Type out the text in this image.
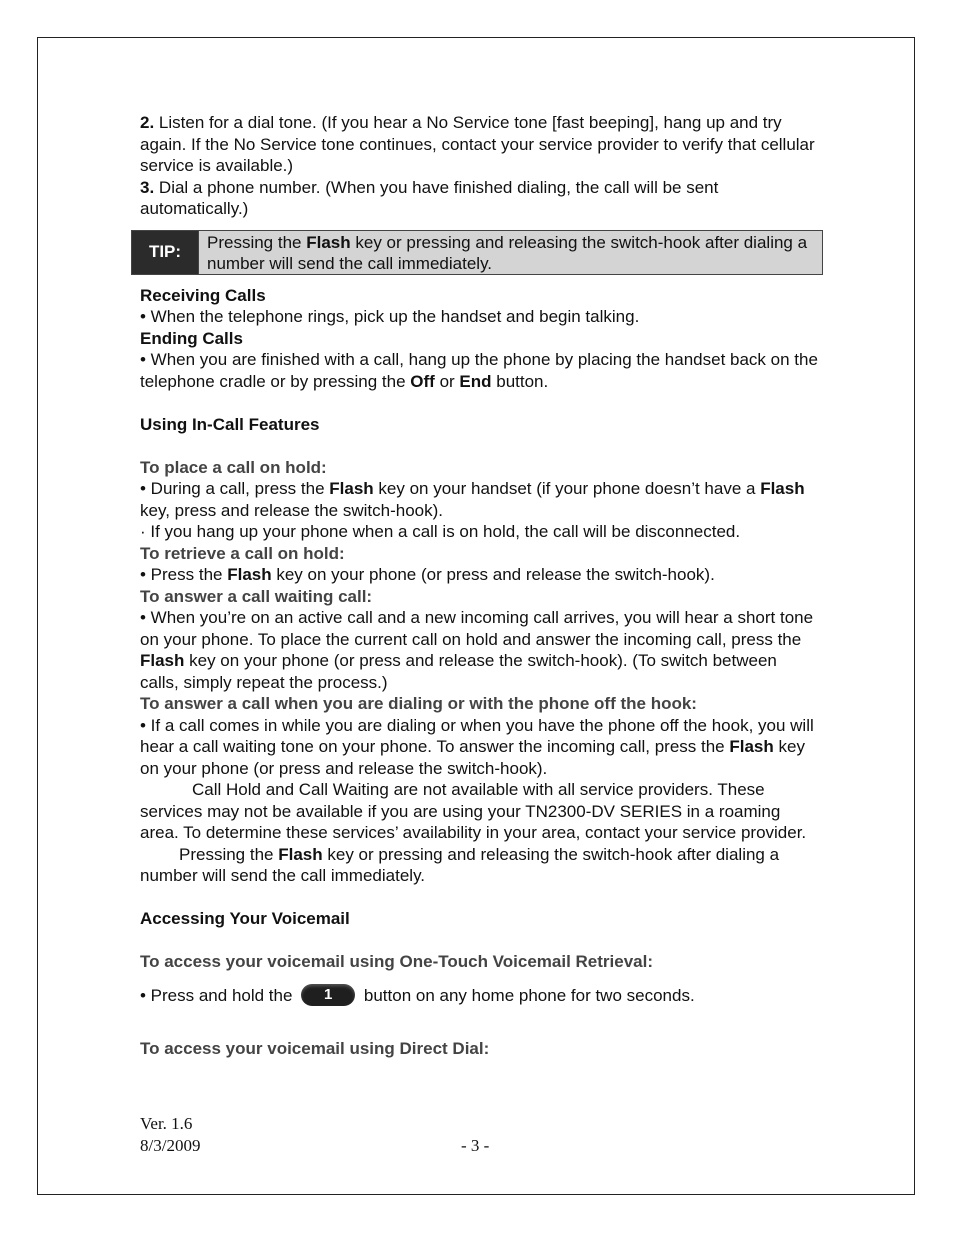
2. Listen for a dial tone. (If you hear a No Service tone [fast beeping], hang up and try again. If the No Service tone continues, contact your service provider to verify that cellular service is available.)

3. Dial a phone number. (When you have finished dialing, the call will be sent automatically.)

TIP:
Pressing the Flash key or pressing and releasing the switch-hook after dialing a number will send the call immediately.

Receiving Calls

• When the telephone rings, pick up the handset and begin talking.

Ending Calls

• When you are finished with a call, hang up the phone by placing the handset back on the telephone cradle or by pressing the Off or End button.

Using In-Call Features

To place a call on hold:

• During a call, press the Flash key on your handset (if your phone doesn’t have a Flash key, press and release the switch-hook).

· If you hang up your phone when a call is on hold, the call will be disconnected.

To retrieve a call on hold:

• Press the Flash key on your phone (or press and release the switch-hook).

To answer a call waiting call:

• When you’re on an active call and a new incoming call arrives, you will hear a short tone on your phone. To place the current call on hold and answer the incoming call, press the Flash key on your phone (or press and release the switch-hook). (To switch between calls, simply repeat the process.)

To answer a call when you are dialing or with the phone off the hook:

• If a call comes in while you are dialing or when you have the phone off the hook, you will hear a call waiting tone on your phone. To answer the incoming call, press the Flash key on your phone (or press and release the switch-hook).

Call Hold and Call Waiting are not available with all service providers. These services may not be available if you are using your TN2300-DV SERIES in a roaming area. To determine these services’ availability in your area, contact your service provider.

Pressing the Flash key or pressing and releasing the switch-hook after dialing a number will send the call immediately.

Accessing Your Voicemail

To access your voicemail using One-Touch Voicemail Retrieval:

• Press and hold the 1 button on any home phone for two seconds.

To access your voicemail using Direct Dial:

Ver. 1.6
8/3/2009	- 3 -
